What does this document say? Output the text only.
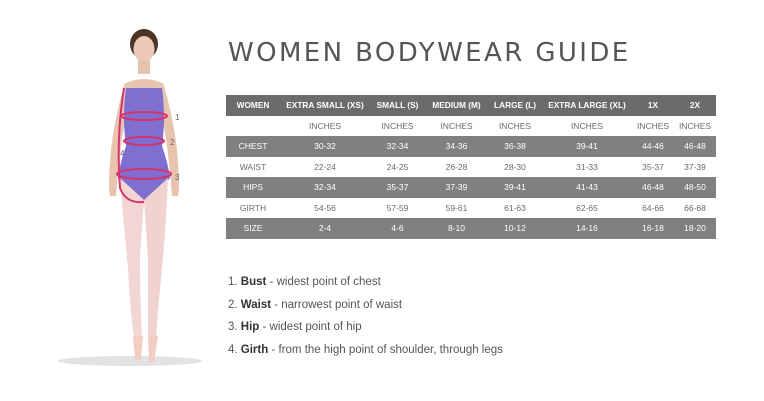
1
2
3
4
WOMEN BODYWEAR GUIDE
WOMEN	EXTRA SMALL (XS)	SMALL (S)	MEDIUM (M)	LARGE (L)	EXTRA LARGE (XL)	1X	2X
	INCHES	INCHES	INCHES	INCHES	INCHES	INCHES	INCHES
CHEST	30-32	32-34	34-36	36-38	39-41	44-46	46-48
WAIST	22-24	24-25	26-28	28-30	31-33	35-37	37-39
HIPS	32-34	35-37	37-39	39-41	41-43	46-48	48-50
GIRTH	54-56	57-59	59-61	61-63	62-65	64-66	66-68
SIZE	2-4	4-6	8-10	10-12	14-16	16-18	18-20
1. Bust - widest point of chest
2. Waist - narrowest point of waist
3. Hip - widest point of hip
4. Girth - from the high point of shoulder, through legs
